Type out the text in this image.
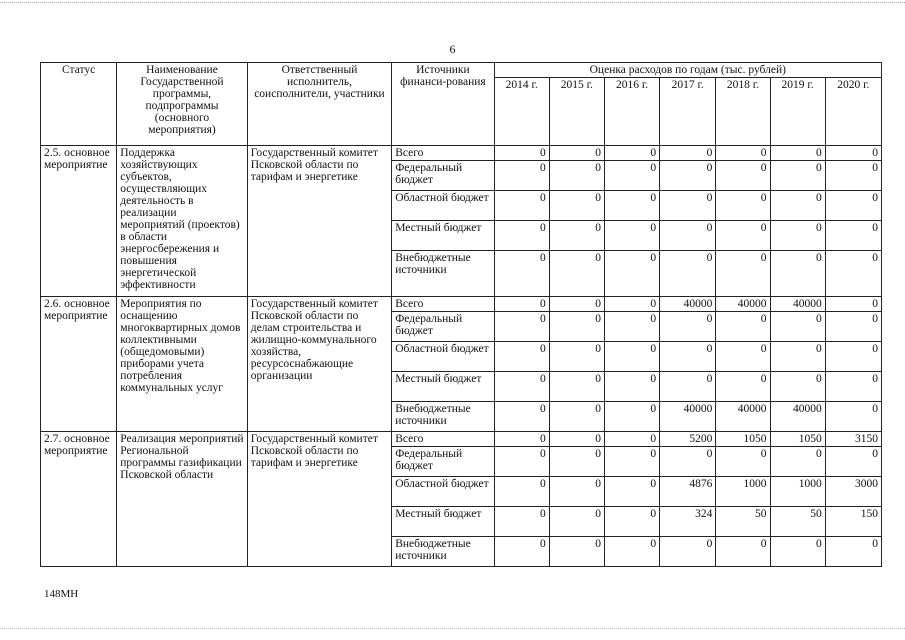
6
Статус	Наименование Государственной программы, подпрограммы (основного мероприятия)	Ответственный исполнитель, соисполнители, участники	Источники финанси-рования	Оценка расходов по годам (тыс. рублей)						
				2014 г.	2015 г.	2016 г.	2017 г.	2018 г.	2019 г.	2020 г.
2.5. основное мероприятие	Поддержка хозяйствующих субъектов, осуществляющих деятельность в реализации мероприятий (проектов) в области энергосбережения и повышения энергетической эффективности	Государственный комитет Псковской области по тарифам и энергетике	Всего	0	0	0	0	0	0	0
			Федеральный бюджет	0	0	0	0	0	0	0
			Областной бюджет	0	0	0	0	0	0	0
			Местный бюджет	0	0	0	0	0	0	0
			Внебюджетные источники	0	0	0	0	0	0	0
2.6. основное мероприятие	Мероприятия по оснащению многоквартирных домов коллективными (общедомовыми) приборами учета потребления коммунальных услуг	Государственный комитет Псковской области по делам строительства и жилищно-коммунального хозяйства, ресурсоснабжающие организации	Всего	0	0	0	40000	40000	40000	0
			Федеральный бюджет	0	0	0	0	0	0	0
			Областной бюджет	0	0	0	0	0	0	0
			Местный бюджет	0	0	0	0	0	0	0
			Внебюджетные источники	0	0	0	40000	40000	40000	0
2.7. основное мероприятие	Реализация мероприятий Региональной программы газификации Псковской области	Государственный комитет Псковской области по тарифам и энергетике	Всего	0	0	0	5200	1050	1050	3150
			Федеральный бюджет	0	0	0	0	0	0	0
			Областной бюджет	0	0	0	4876	1000	1000	3000
			Местный бюджет	0	0	0	324	50	50	150
			Внебюджетные источники	0	0	0	0	0	0	0
148МН
